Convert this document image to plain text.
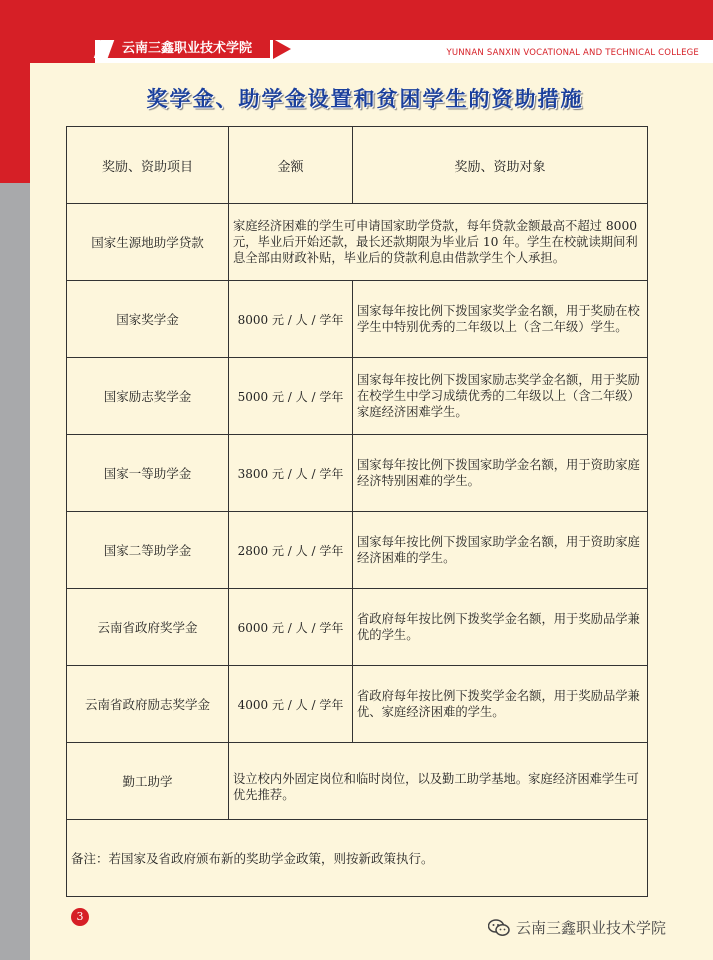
云南三鑫职业技术学院	YUNNAN SANXIN VOCATIONAL AND TECHNICAL COLLEGE
奖学金、助学金设置和贫困学生的资助措施
奖励、资助项目	金额	奖励、资助对象
国家生源地助学贷款	家庭经济困难的学生可申请国家助学贷款，每年贷款金额最高不超过 8000 元，毕业后开始还款，最长还款期限为毕业后 10 年。学生在校就读期间利息全部由财政补贴，毕业后的贷款利息由借款学生个人承担。	
国家奖学金	8000 元 / 人 / 学年	国家每年按比例下拨国家奖学金名额，用于奖励在校学生中特别优秀的二年级以上（含二年级）学生。
国家励志奖学金	5000 元 / 人 / 学年	国家每年按比例下拨国家励志奖学金名额，用于奖励在校学生中学习成绩优秀的二年级以上（含二年级）家庭经济困难学生。
国家一等助学金	3800 元 / 人 / 学年	国家每年按比例下拨国家助学金名额，用于资助家庭经济特别困难的学生。
国家二等助学金	2800 元 / 人 / 学年	国家每年按比例下拨国家助学金名额，用于资助家庭经济困难的学生。
云南省政府奖学金	6000 元 / 人 / 学年	省政府每年按比例下拨奖学金名额，用于奖励品学兼优的学生。
云南省政府励志奖学金	4000 元 / 人 / 学年	省政府每年按比例下拨奖学金名额，用于奖励品学兼优、家庭经济困难的学生。
勤工助学	设立校内外固定岗位和临时岗位，以及勤工助学基地。家庭经济困难学生可优先推荐。	
备注：若国家及省政府颁布新的奖助学金政策，则按新政策执行。		
3
云南三鑫职业技术学院
